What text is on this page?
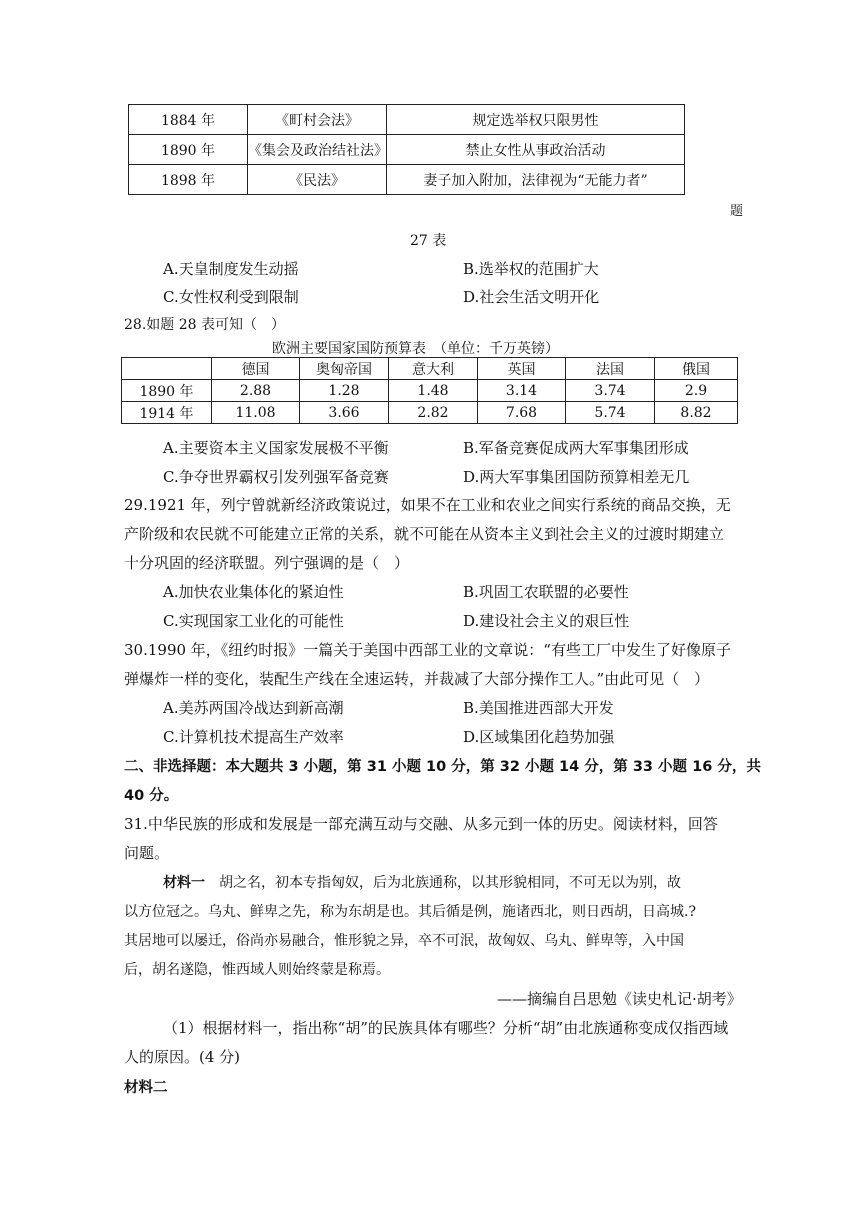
1884 年	《町村会法》	规定选举权只限男性
1890 年	《集会及政治结社法》	禁止女性从事政治活动
1898 年	《民法》	妻子加入附加，法律视为“无能力者”
题
27 表
A.天皇制度发生动摇	B.选举权的范围扩大
C.女性权利受到限制	D.社会生活文明开化
28.如题 28 表可知（　）
欧洲主要国家国防预算表　（单位：千万英镑）
	德国	奥匈帝国	意大利	英国	法国	俄国
1890 年	2.88	1.28	1.48	3.14	3.74	2.9
1914 年	11.08	3.66	2.82	7.68	5.74	8.82
A.主要资本主义国家发展极不平衡	B.军备竞赛促成两大军事集团形成
C.争夺世界霸权引发列强军备竞赛	D.两大军事集团国防预算相差无几
29.1921 年，列宁曾就新经济政策说过，如果不在工业和农业之间实行系统的商品交换，无
产阶级和农民就不可能建立正常的关系，就不可能在从资本主义到社会主义的过渡时期建立
十分巩固的经济联盟。列宁强调的是（　）
A.加快农业集体化的紧迫性	B.巩固工农联盟的必要性
C.实现国家工业化的可能性	D.建设社会主义的艰巨性
30.1990 年，《纽约时报》一篇关于美国中西部工业的文章说：“有些工厂中发生了好像原子
弹爆炸一样的变化，装配生产线在全速运转，并裁减了大部分操作工人。”由此可见（　）
A.美苏两国冷战达到新高潮	B.美国推进西部大开发
C.计算机技术提高生产效率	D.区域集团化趋势加强
二、非选择题：本大题共 3 小题，第 31 小题 10 分，第 32 小题 14 分，第 33 小题 16 分，共
40 分。
31.中华民族的形成和发展是一部充满互动与交融、从多元到一体的历史。阅读材料，回答
问题。
材料一　 胡之名，初本专指匈奴，后为北族通称，以其形貌相同，不可无以为别，故
以方位冠之。乌丸、鲜卑之先，称为东胡是也。其后循是例，施诸西北，则日西胡，日高城.?
其居地可以屡迁，俗尚亦易融合，惟形貌之异，卒不可泯，故匈奴、乌丸、鲜卑等，入中国
后，胡名遂隐，惟西域人则始终蒙是称焉。
——摘编自吕思勉《读史札记·胡考》
（1）根据材料一，指出称“胡”的民族具体有哪些？分析“胡”由北族通称变成仅指西域
人的原因。(4 分)
材料二
